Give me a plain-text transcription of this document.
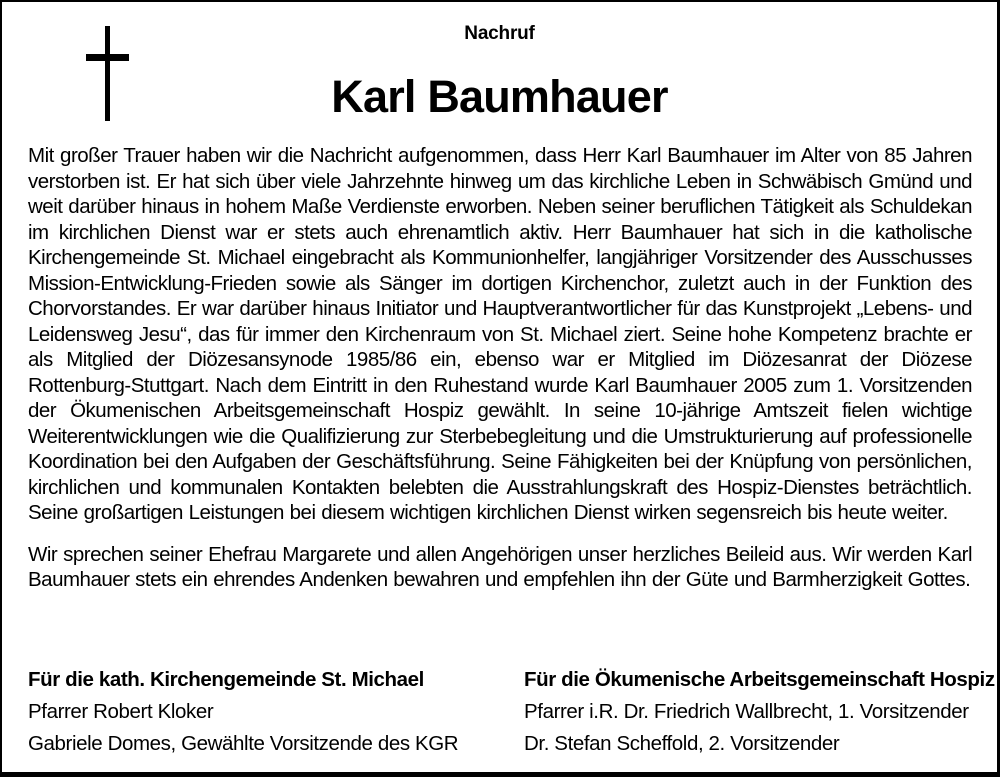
Nachruf
Karl Baumhauer

Mit großer Trauer haben wir die Nachricht aufgenommen, dass Herr Karl Baumhauer im Alter von 85 Jahren verstorben ist. Er hat sich über viele Jahrzehnte hinweg um das kirchliche Leben in Schwäbisch Gmünd und weit darüber hinaus in hohem Maße Verdienste erworben. Neben seiner beruflichen Tätigkeit als Schuldekan im kirchlichen Dienst war er stets auch ehrenamtlich aktiv. Herr Baumhauer hat sich in die katholische Kirchengemeinde St. Michael eingebracht als Kommunionhelfer, langjähriger Vorsitzender des Ausschusses Mission-Entwicklung-Frieden sowie als Sänger im dortigen Kirchenchor, zuletzt auch in der Funktion des Chorvorstandes. Er war darüber hinaus Initiator und Hauptverantwortlicher für das Kunstprojekt „Lebens- und Leidensweg Jesu“, das für immer den Kirchenraum von St. Michael ziert. Seine hohe Kompetenz brachte er als Mitglied der Diözesansynode 1985/86 ein, ebenso war er Mitglied im Diözesanrat der Diözese Rottenburg-Stuttgart. Nach dem Eintritt in den Ruhestand wurde Karl Baumhauer 2005 zum 1. Vorsitzenden der Ökumenischen Arbeitsgemeinschaft Hospiz gewählt. In seine 10-jährige Amtszeit fielen wichtige Weiterentwicklungen wie die Qualifizierung zur Sterbebegleitung und die Umstrukturierung auf professionelle Koordination bei den Aufgaben der Geschäftsführung. Seine Fähigkeiten bei der Knüpfung von persönlichen, kirchlichen und kommunalen Kontakten belebten die Ausstrahlungskraft des Hospiz-Dienstes beträchtlich. Seine großartigen Leistungen bei diesem wichtigen kirchlichen Dienst wirken segensreich bis heute weiter.

Wir sprechen seiner Ehefrau Margarete und allen Angehörigen unser herzliches Beileid aus. Wir werden Karl Baumhauer stets ein ehrendes Andenken bewahren und empfehlen ihn der Güte und Barmherzigkeit Gottes.

Für die kath. Kirchengemeinde St. Michael
Pfarrer Robert Kloker
Gabriele Domes, Gewählte Vorsitzende des KGR
Für die Ökumenische Arbeitsgemeinschaft Hospiz
Pfarrer i.R. Dr. Friedrich Wallbrecht, 1. Vorsitzender
Dr. Stefan Scheffold, 2. Vorsitzender
